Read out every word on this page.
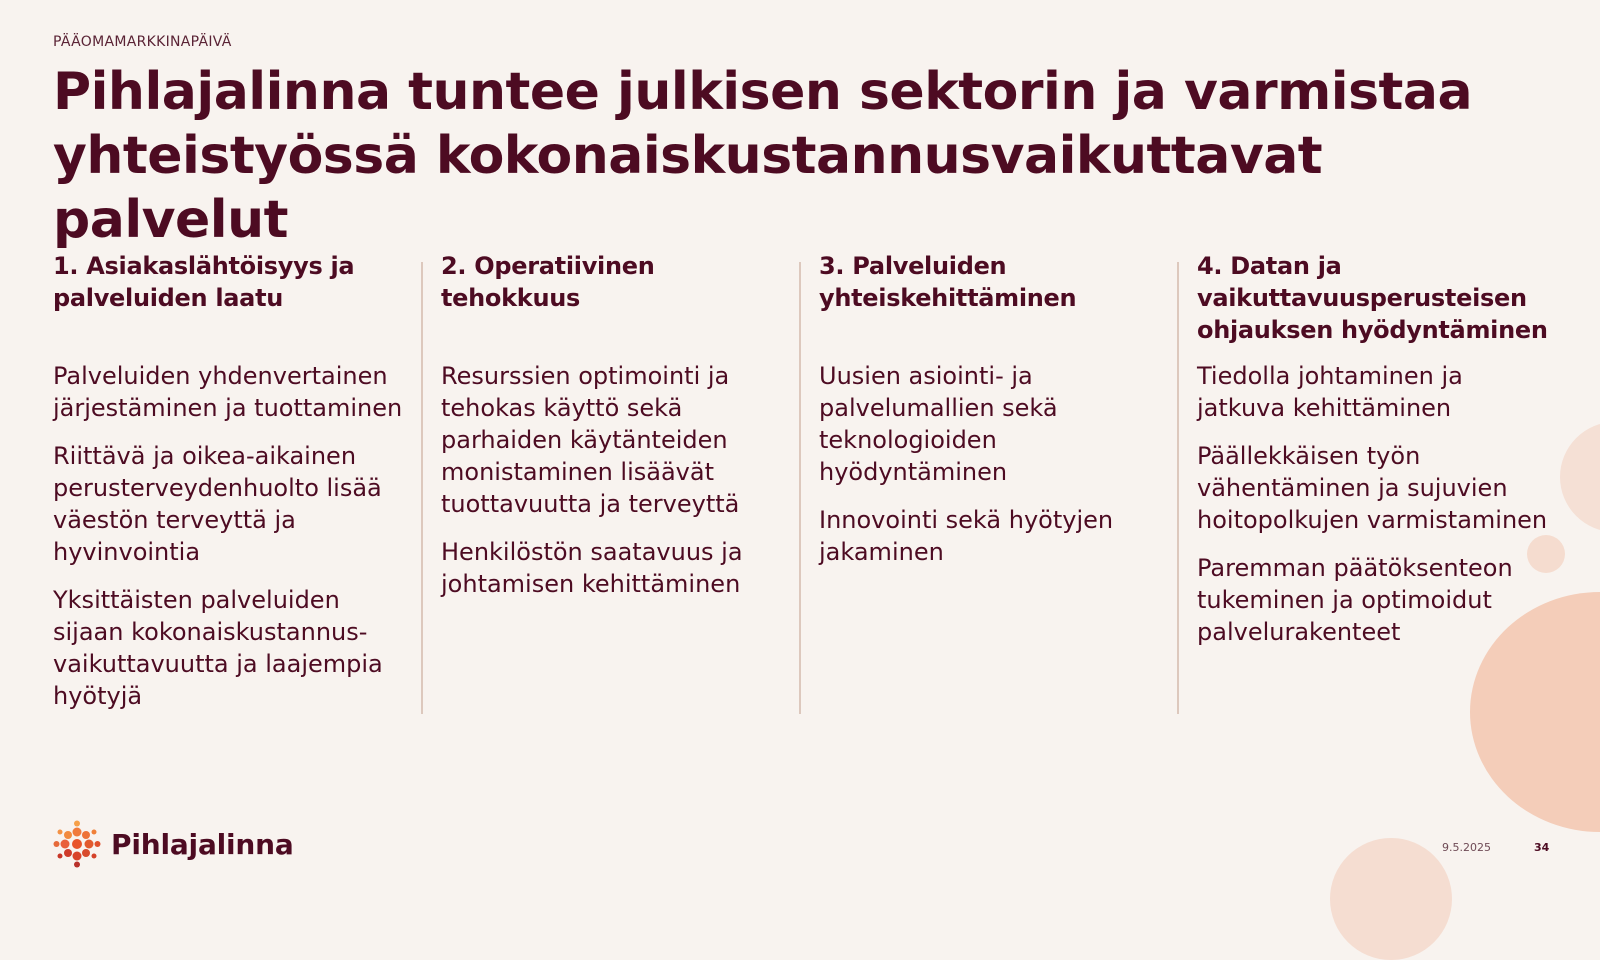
PÄÄOMAMARKKINAPÄIVÄ
Pihlajalinna tuntee julkisen sektorin ja varmistaa yhteistyössä kokonaiskustannusvaikuttavat palvelut
1. Asiakaslähtöisyys ja palveluiden laatu

Palveluiden yhdenvertainen järjestäminen ja tuottaminen

Riittävä ja oikea-aikainen perusterveydenhuolto lisää väestön terveyttä ja hyvinvointia

Yksittäisten palveluiden sijaan kokonaiskustannus-vaikuttavuutta ja laajempia hyötyjä

2. Operatiivinen tehokkuus

Resurssien optimointi ja tehokas käyttö sekä parhaiden käytänteiden monistaminen lisäävät tuottavuutta ja terveyttä

Henkilöstön saatavuus ja johtamisen kehittäminen

3. Palveluiden yhteiskehittäminen

Uusien asiointi- ja palvelumallien sekä teknologioiden hyödyntäminen

Innovointi sekä hyötyjen jakaminen

4. Datan ja vaikuttavuusperusteisen ohjauksen hyödyntäminen

Tiedolla johtaminen ja jatkuva kehittäminen

Päällekkäisen työn vähentäminen ja sujuvien hoitopolkujen varmistaminen

Paremman päätöksenteon tukeminen ja optimoidut palvelurakenteet

Pihlajalinna	9.5.2025	34
